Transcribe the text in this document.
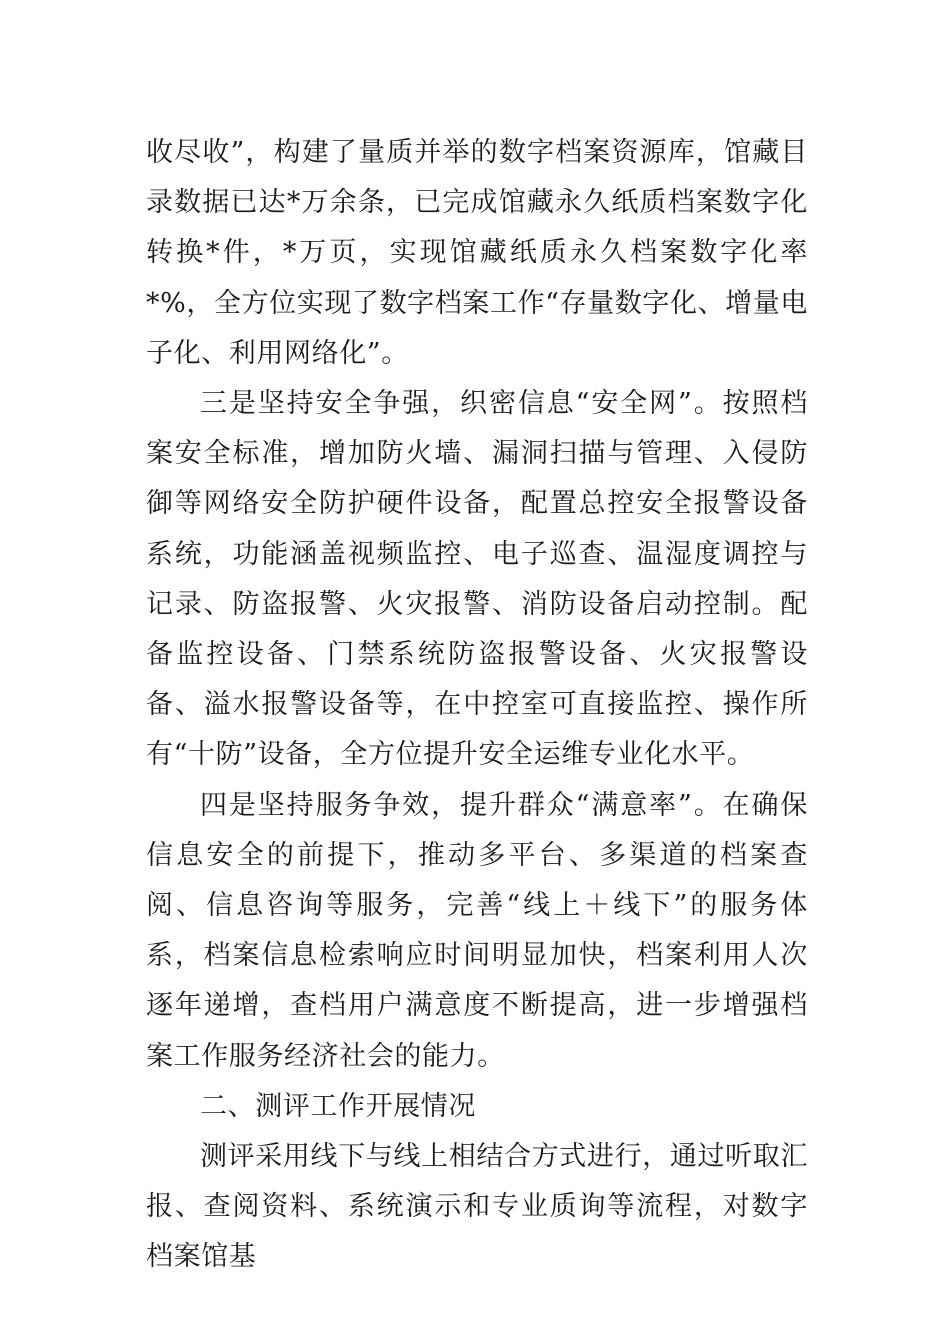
收尽收”，构建了量质并举的数字档案资源库，馆藏目录数据已达*万余条，已完成馆藏永久纸质档案数字化转换*件，*万页，实现馆藏纸质永久档案数字化率*%，全方位实现了数字档案工作“存量数字化、增量电子化、利用网络化”。

三是坚持安全争强，织密信息“安全网”。按照档案安全标准，增加防火墙、漏洞扫描与管理、入侵防御等网络安全防护硬件设备，配置总控安全报警设备系统，功能涵盖视频监控、电子巡查、温湿度调控与记录、防盗报警、火灾报警、消防设备启动控制。配备监控设备、门禁系统防盗报警设备、火灾报警设备、溢水报警设备等，在中控室可直接监控、操作所有“十防”设备，全方位提升安全运维专业化水平。

四是坚持服务争效，提升群众“满意率”。在确保信息安全的前提下，推动多平台、多渠道的档案查阅、信息咨询等服务，完善“线上＋线下”的服务体系，档案信息检索响应时间明显加快，档案利用人次逐年递增，查档用户满意度不断提高，进一步增强档案工作服务经济社会的能力。

二、测评工作开展情况

测评采用线下与线上相结合方式进行，通过听取汇报、查阅资料、系统演示和专业质询等流程，对数字档案馆基
